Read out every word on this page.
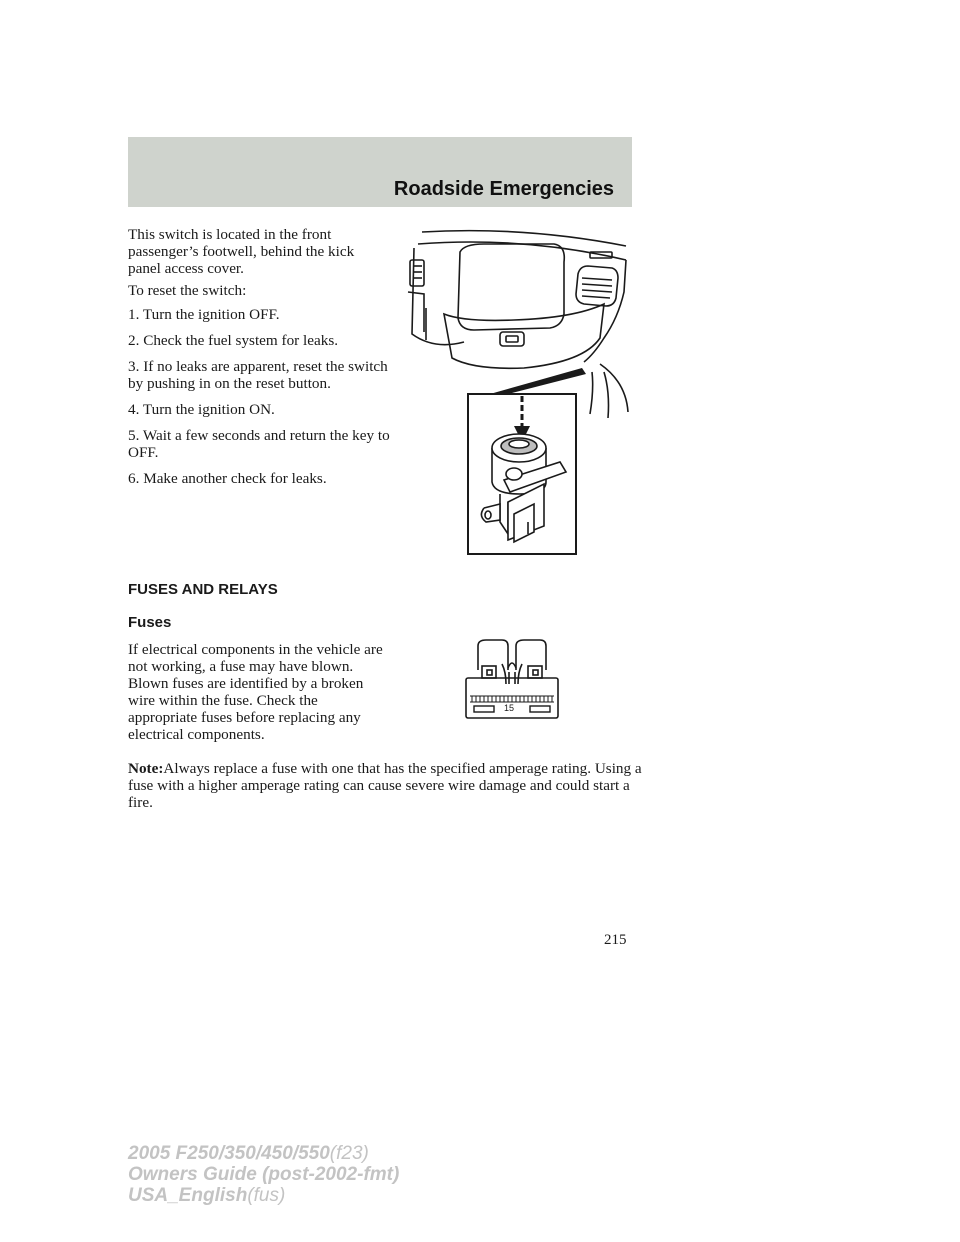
Roadside Emergencies

This switch is located in the front passenger’s footwell, behind the kick panel access cover.

To reset the switch:

1. Turn the ignition OFF.
2. Check the fuel system for leaks.
3. If no leaks are apparent, reset the switch by pushing in on the reset button.
4. Turn the ignition ON.
5. Wait a few seconds and return the key to OFF.
6. Make another check for leaks.
FUSES AND RELAYS
Fuses

If electrical components in the vehicle are not working, a fuse may have blown. Blown fuses are identified by a broken wire within the fuse. Check the appropriate fuses before replacing any electrical components.

15

Note:Always replace a fuse with one that has the specified amperage rating. Using a fuse with a higher amperage rating can cause severe wire damage and could start a fire.

215
2005 F250/350/450/550(f23)
Owners Guide (post-2002-fmt)
USA_English(fus)
